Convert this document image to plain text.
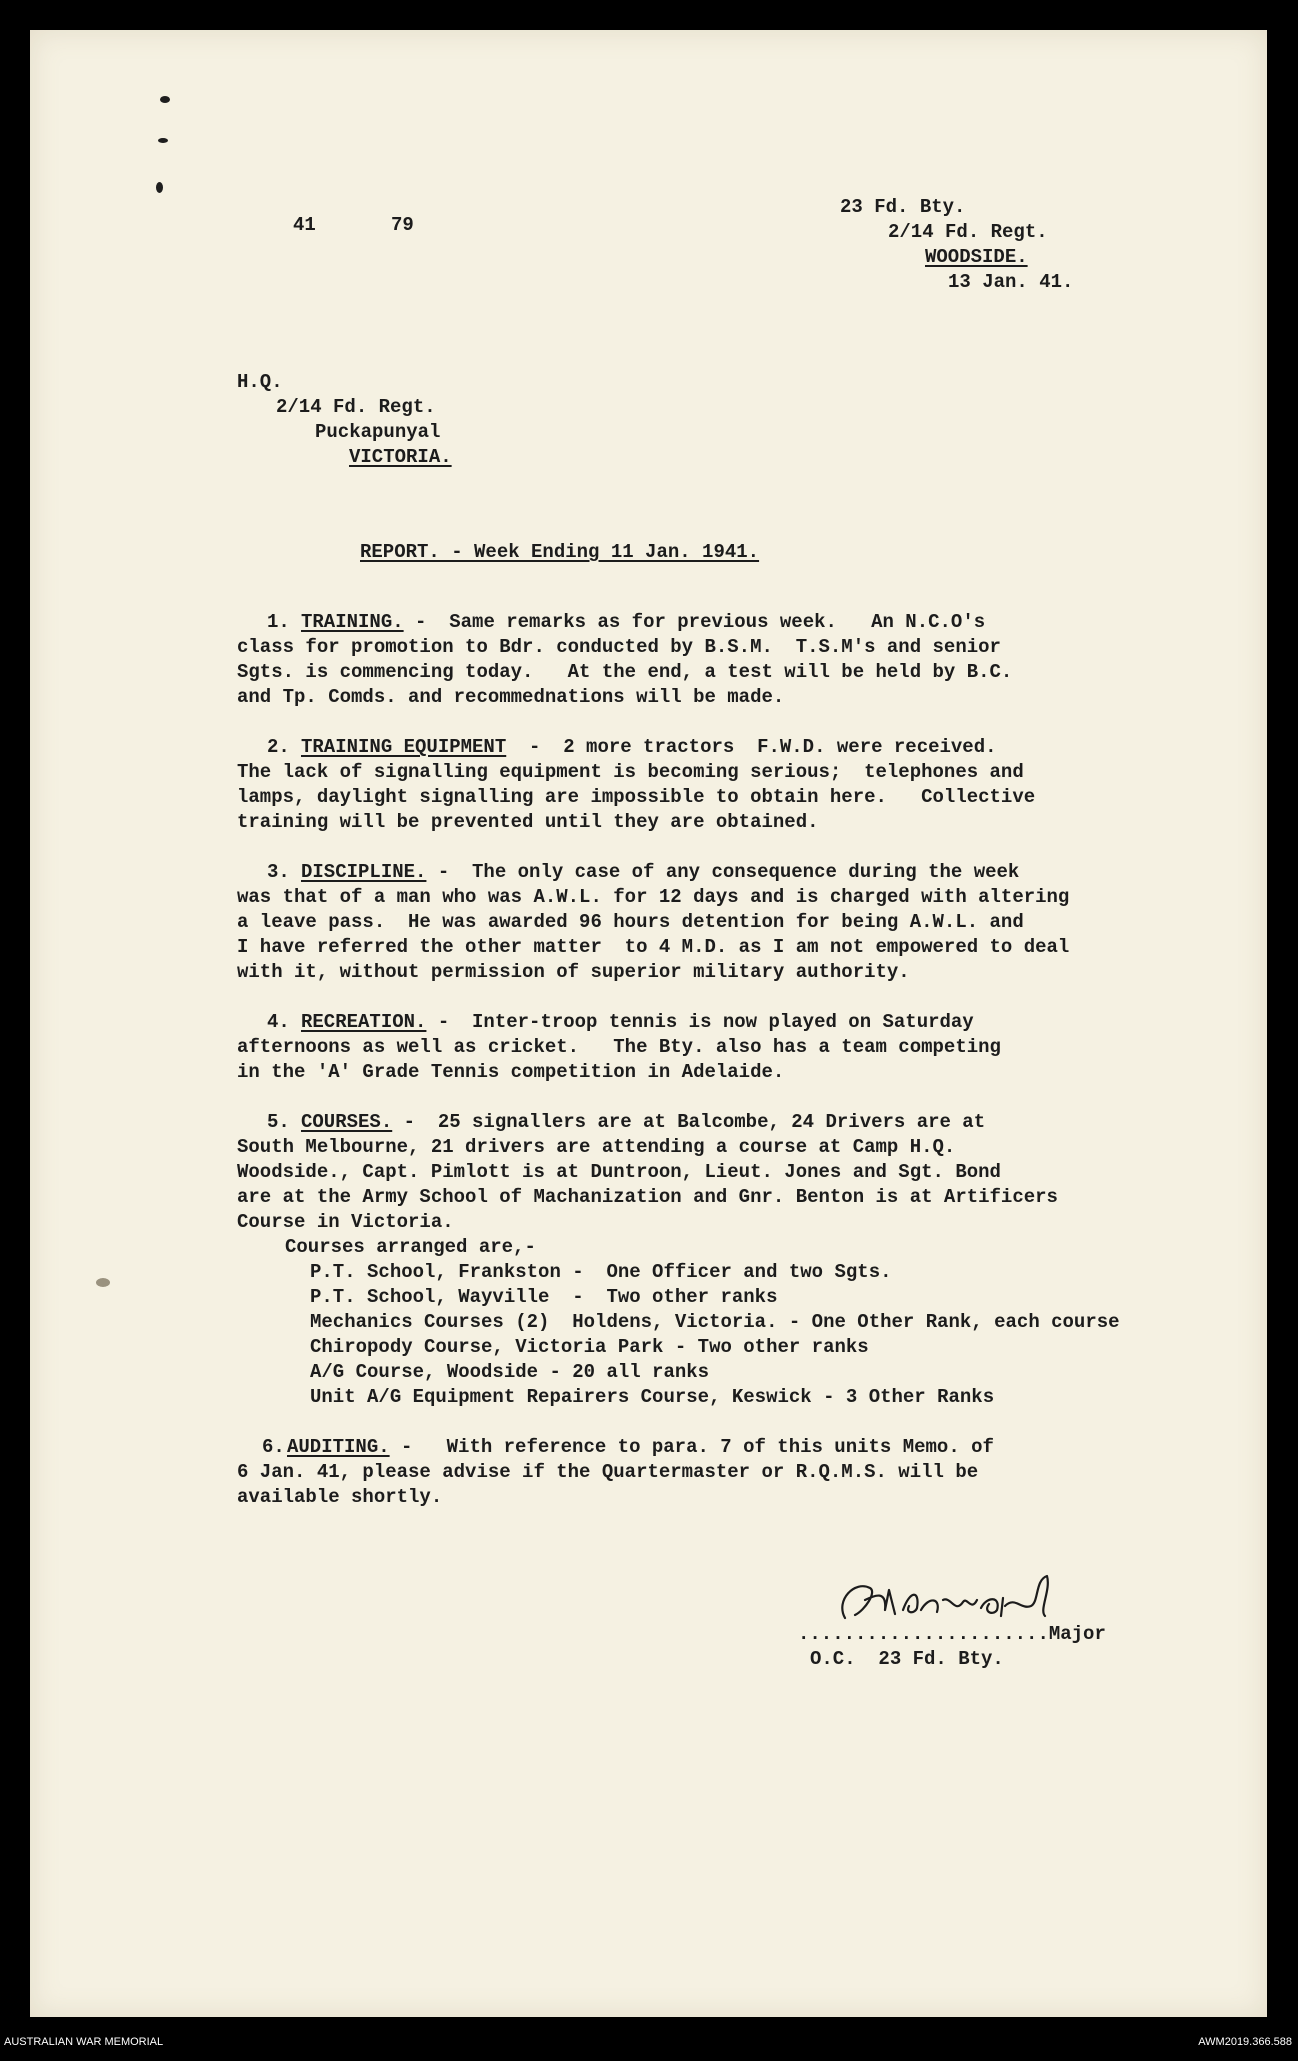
41	79
23 Fd. Bty.
2/14 Fd. Regt.
WOODSIDE.
13 Jan. 41.
H.Q.
2/14 Fd. Regt.
Puckapunyal
VICTORIA.
REPORT. - Week Ending 11 Jan. 1941.
1. TRAINING. -  Same remarks as for previous week.   An N.C.O's
class for promotion to Bdr. conducted by B.S.M.  T.S.M's and senior
Sgts. is commencing today.   At the end, a test will be held by B.C.
and Tp. Comds. and recommednations will be made.
2. TRAINING EQUIPMENT  -  2 more tractors  F.W.D. were received.
The lack of signalling equipment is becoming serious;  telephones and
lamps, daylight signalling are impossible to obtain here.   Collective
training will be prevented until they are obtained.
3. DISCIPLINE. -  The only case of any consequence during the week
was that of a man who was A.W.L. for 12 days and is charged with altering
a leave pass.  He was awarded 96 hours detention for being A.W.L. and
I have referred the other matter  to 4 M.D. as I am not empowered to deal
with it, without permission of superior military authority.
4. RECREATION. -  Inter-troop tennis is now played on Saturday
afternoons as well as cricket.   The Bty. also has a team competing
in the 'A' Grade Tennis competition in Adelaide.
5. COURSES. -  25 signallers are at Balcombe, 24 Drivers are at
South Melbourne, 21 drivers are attending a course at Camp H.Q.
Woodside., Capt. Pimlott is at Duntroon, Lieut. Jones and Sgt. Bond
are at the Army School of Machanization and Gnr. Benton is at Artificers
Course in Victoria.
Courses arranged are,-
P.T. School, Frankston -  One Officer and two Sgts.
P.T. School, Wayville  -  Two other ranks
Mechanics Courses (2)  Holdens, Victoria. - One Other Rank, each course
Chiropody Course, Victoria Park - Two other ranks
A/G Course, Woodside - 20 all ranks
Unit A/G Equipment Repairers Course, Keswick - 3 Other Ranks
6. AUDITING. -   With reference to para. 7 of this units Memo. of
6 Jan. 41, please advise if the Quartermaster or R.Q.M.S. will be
available shortly.
......................Major
O.C.  23 Fd. Bty.
AUSTRALIAN WAR MEMORIAL	AWM2019.366.588
